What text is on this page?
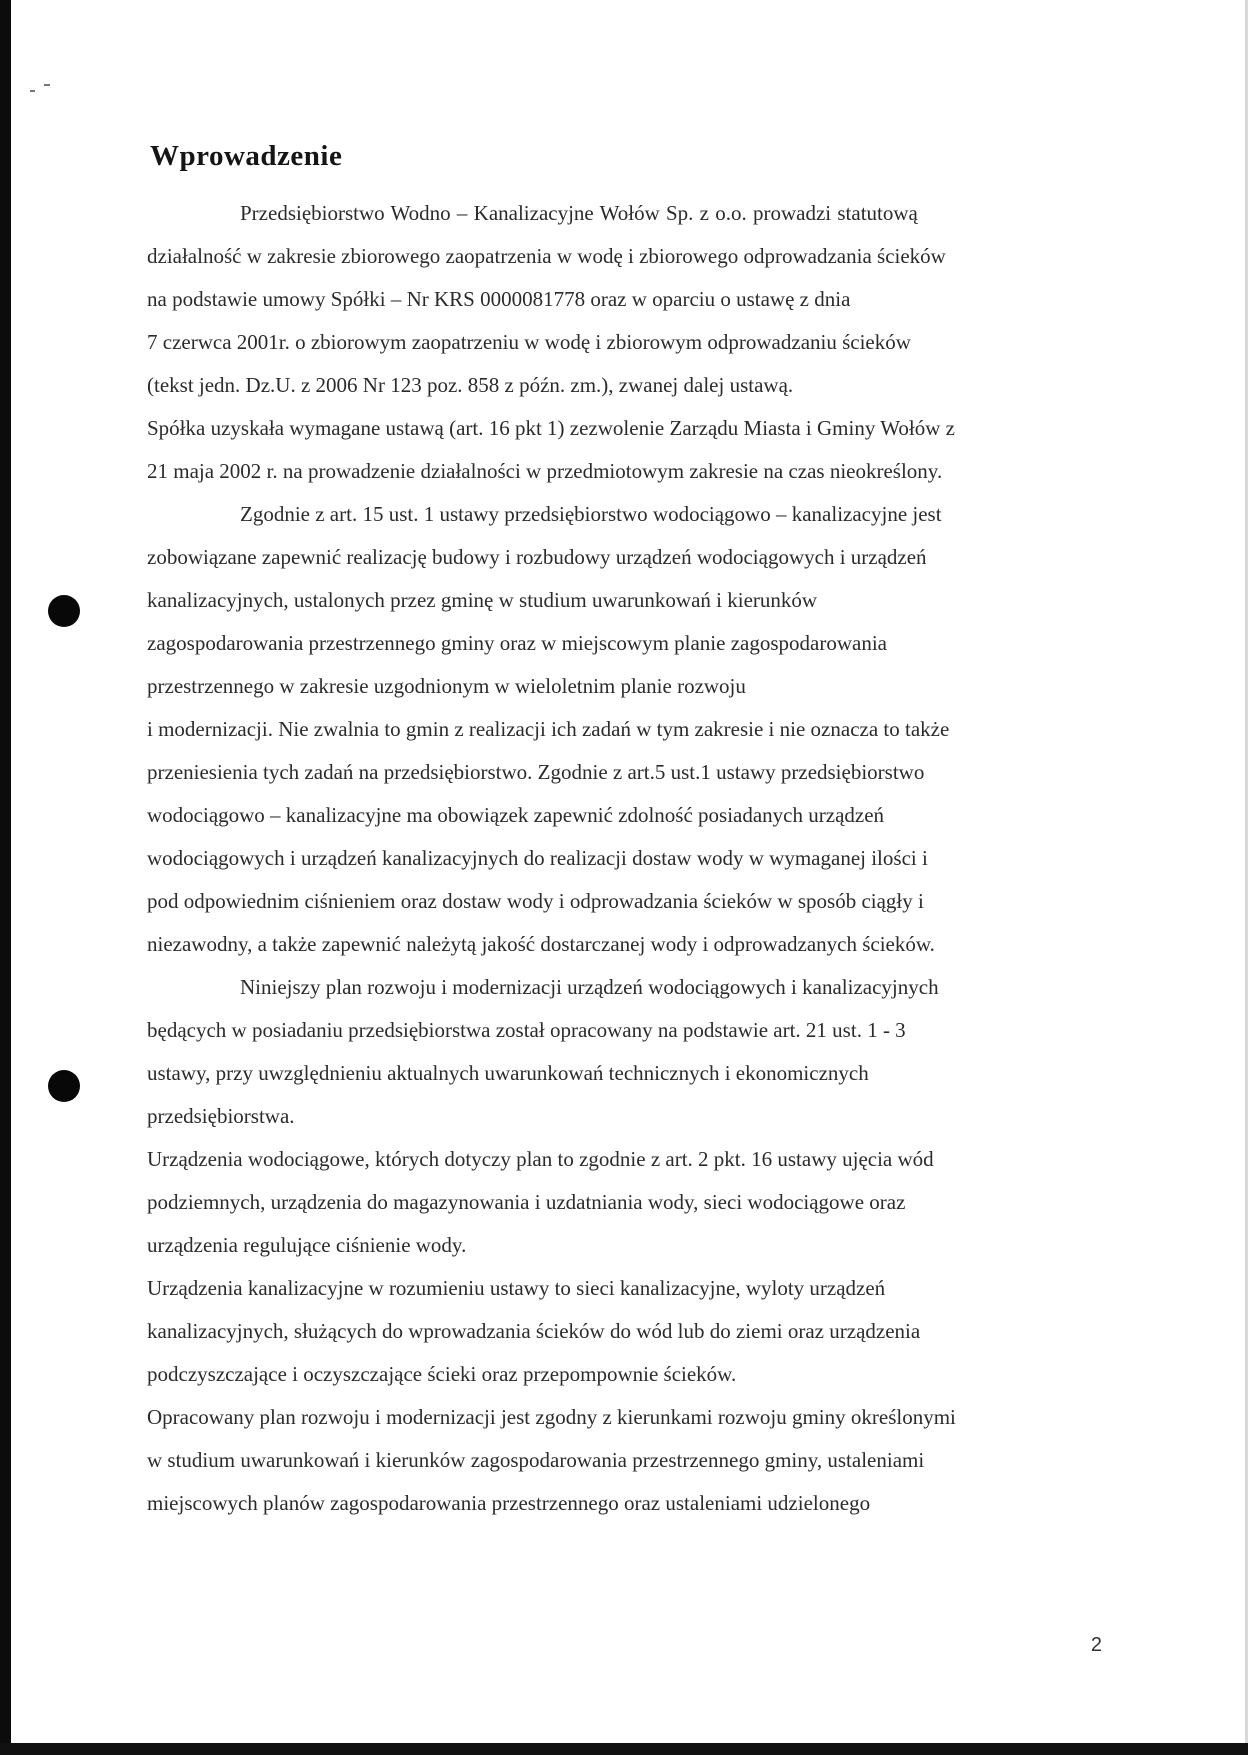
Wprowadzenie

Przedsiębiorstwo Wodno – Kanalizacyjne Wołów Sp. z o.o. prowadzi statutową

działalność w zakresie zbiorowego zaopatrzenia w wodę i zbiorowego odprowadzania ścieków

na podstawie umowy Spółki – Nr KRS 0000081778 oraz w oparciu o ustawę z dnia

7 czerwca 2001r. o zbiorowym zaopatrzeniu w wodę i zbiorowym odprowadzaniu ścieków

(tekst jedn. Dz.U. z 2006 Nr 123 poz. 858 z późn. zm.), zwanej dalej ustawą.

Spółka uzyskała wymagane ustawą (art. 16 pkt 1) zezwolenie Zarządu Miasta i Gminy Wołów z

21 maja 2002 r. na prowadzenie działalności w przedmiotowym zakresie na czas nieokreślony.

Zgodnie z art. 15 ust. 1 ustawy przedsiębiorstwo wodociągowo – kanalizacyjne jest

zobowiązane zapewnić realizację budowy i rozbudowy urządzeń wodociągowych i urządzeń

kanalizacyjnych, ustalonych przez gminę w studium uwarunkowań i kierunków

zagospodarowania przestrzennego gminy oraz w miejscowym planie zagospodarowania

przestrzennego w zakresie uzgodnionym w wieloletnim planie rozwoju

i modernizacji. Nie zwalnia to gmin z realizacji ich zadań w tym zakresie i nie oznacza to także

przeniesienia tych zadań na przedsiębiorstwo. Zgodnie z art.5 ust.1 ustawy przedsiębiorstwo

wodociągowo – kanalizacyjne ma obowiązek zapewnić zdolność posiadanych urządzeń

wodociągowych i urządzeń kanalizacyjnych do realizacji dostaw wody w wymaganej ilości i

pod odpowiednim ciśnieniem oraz dostaw wody i odprowadzania ścieków w sposób ciągły i

niezawodny, a także zapewnić należytą jakość dostarczanej wody i odprowadzanych ścieków.

Niniejszy plan rozwoju i modernizacji urządzeń wodociągowych i kanalizacyjnych

będących w posiadaniu przedsiębiorstwa został opracowany na podstawie art. 21 ust. 1 - 3

ustawy, przy uwzględnieniu aktualnych uwarunkowań technicznych i ekonomicznych

przedsiębiorstwa.

Urządzenia wodociągowe, których dotyczy plan to zgodnie z art. 2 pkt. 16 ustawy ujęcia wód

podziemnych, urządzenia do magazynowania i uzdatniania wody, sieci wodociągowe oraz

urządzenia regulujące ciśnienie wody.

Urządzenia kanalizacyjne w rozumieniu ustawy to sieci kanalizacyjne, wyloty urządzeń

kanalizacyjnych, służących do wprowadzania ścieków do wód lub do ziemi oraz urządzenia

podczyszczające i oczyszczające ścieki oraz przepompownie ścieków.

Opracowany plan rozwoju i modernizacji jest zgodny z kierunkami rozwoju gminy określonymi

w studium uwarunkowań i kierunków zagospodarowania przestrzennego gminy, ustaleniami

miejscowych planów zagospodarowania przestrzennego oraz ustaleniami udzielonego

2
